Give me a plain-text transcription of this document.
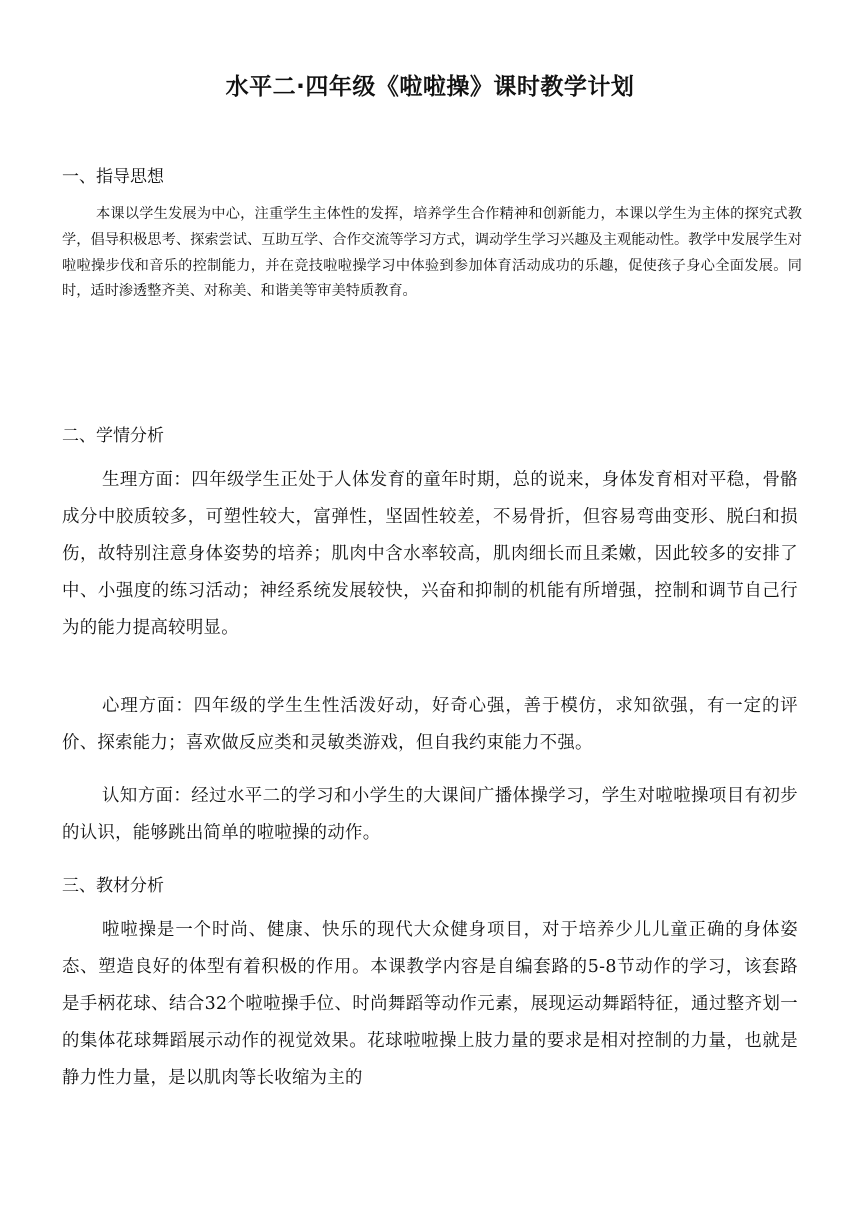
水平二·四年级《啦啦操》课时教学计划
一、指导思想
本课以学生发展为中心，注重学生主体性的发挥，培养学生合作精神和创新能力，本课以学生为主体的探究式教学，倡导积极思考、探索尝试、互助互学、合作交流等学习方式，调动学生学习兴趣及主观能动性。教学中发展学生对啦啦操步伐和音乐的控制能力，并在竞技啦啦操学习中体验到参加体育活动成功的乐趣，促使孩子身心全面发展。同时，适时渗透整齐美、对称美、和谐美等审美特质教育。
二、学情分析
生理方面：四年级学生正处于人体发育的童年时期，总的说来，身体发育相对平稳，骨骼成分中胶质较多，可塑性较大，富弹性，坚固性较差，不易骨折，但容易弯曲变形、脱臼和损伤，故特别注意身体姿势的培养；肌肉中含水率较高，肌肉细长而且柔嫩，因此较多的安排了中、小强度的练习活动；神经系统发展较快，兴奋和抑制的机能有所增强，控制和调节自己行为的能力提高较明显。
心理方面：四年级的学生生性活泼好动，好奇心强，善于模仿，求知欲强，有一定的评价、探索能力；喜欢做反应类和灵敏类游戏，但自我约束能力不强。
认知方面：经过水平二的学习和小学生的大课间广播体操学习，学生对啦啦操项目有初步的认识，能够跳出简单的啦啦操的动作。
三、教材分析
啦啦操是一个时尚、健康、快乐的现代大众健身项目，对于培养少儿儿童正确的身体姿态、塑造良好的体型有着积极的作用。本课教学内容是自编套路的5-8节动作的学习，该套路是手柄花球、结合32个啦啦操手位、时尚舞蹈等动作元素，展现运动舞蹈特征，通过整齐划一的集体花球舞蹈展示动作的视觉效果。花球啦啦操上肢力量的要求是相对控制的力量，也就是静力性力量，是以肌肉等长收缩为主的
